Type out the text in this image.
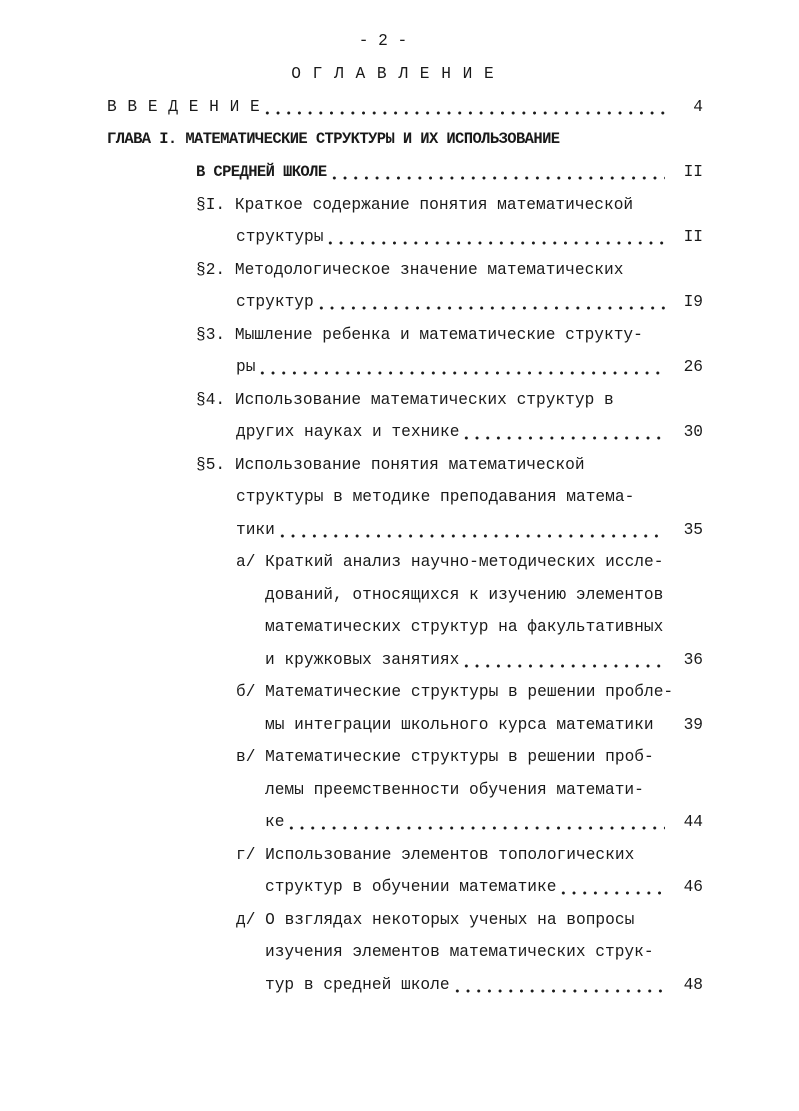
- 2 -
О Г Л А В Л Е Н И Е
В В Е Д Е Н И Е	4
ГЛАВА I. МАТЕМАТИЧЕСКИЕ СТРУКТУРЫ И ИХ ИСПОЛЬЗОВАНИЕ
В СРЕДНЕЙ ШКОЛЕ	II
§I. Краткое содержание понятия математической
структуры	II
§2. Методологическое значение математических
структур	I9
§3. Мышление ребенка и математические структу-
ры	26
§4. Использование математических структур в
других науках и технике	30
§5. Использование понятия математической
структуры в методике преподавания матема-
тики	35
а/ Краткий анализ научно-методических иссле-
дований, относящихся к изучению элементов
математических структур на факультативных
и кружковых занятиях	36
б/ Математические структуры в решении пробле-
мы интеграции школьного курса математики	39
в/ Математические структуры в решении проб-
лемы преемственности обучения математи-
ке	44
г/ Использование элементов топологических
структур в обучении математике	46
д/ О взглядах некоторых ученых на вопросы
изучения элементов математических струк-
тур в средней школе	48
